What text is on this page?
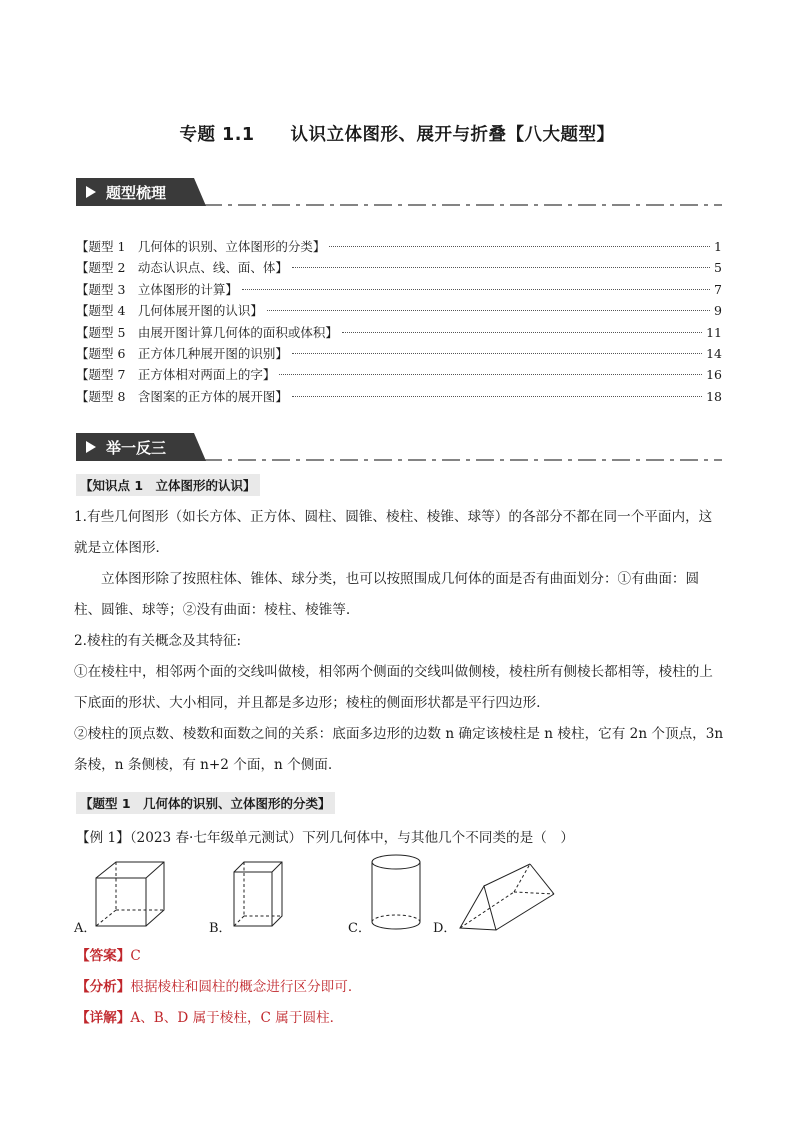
专题 1.1　　认识立体图形、展开与折叠【八大题型】
题型梳理
【题型 1　几何体的识别、立体图形的分类】	1
【题型 2　动态认识点、线、面、体】	5
【题型 3　立体图形的计算】	7
【题型 4　几何体展开图的认识】	9
【题型 5　由展开图计算几何体的面积或体积】	11
【题型 6　正方体几种展开图的识别】	14
【题型 7　正方体相对两面上的字】	16
【题型 8　含图案的正方体的展开图】	18
举一反三
【知识点 1　立体图形的认识】
1.有些几何图形（如长方体、正方体、圆柱、圆锥、棱柱、棱锥、球等）的各部分不都在同一个平面内，这就是立体图形．
立体图形除了按照柱体、锥体、球分类，也可以按照围成几何体的面是否有曲面划分：①有曲面：圆柱、圆锥、球等；②没有曲面：棱柱、棱锥等.
2.棱柱的有关概念及其特征:
①在棱柱中，相邻两个面的交线叫做棱，相邻两个侧面的交线叫做侧棱，棱柱所有侧棱长都相等，棱柱的上下底面的形状、大小相同，并且都是多边形；棱柱的侧面形状都是平行四边形.
②棱柱的顶点数、棱数和面数之间的关系：底面多边形的边数 n 确定该棱柱是 n 棱柱，它有 2n 个顶点，3n 条棱，n 条侧棱，有 n+2 个面，n 个侧面.
【题型 1　几何体的识别、立体图形的分类】
【例 1】（2023 春·七年级单元测试）下列几何体中，与其他几个不同类的是（　）
A．	B．	C．	D．
【答案】C
【分析】根据棱柱和圆柱的概念进行区分即可．
【详解】A、B、D 属于棱柱，C 属于圆柱．
